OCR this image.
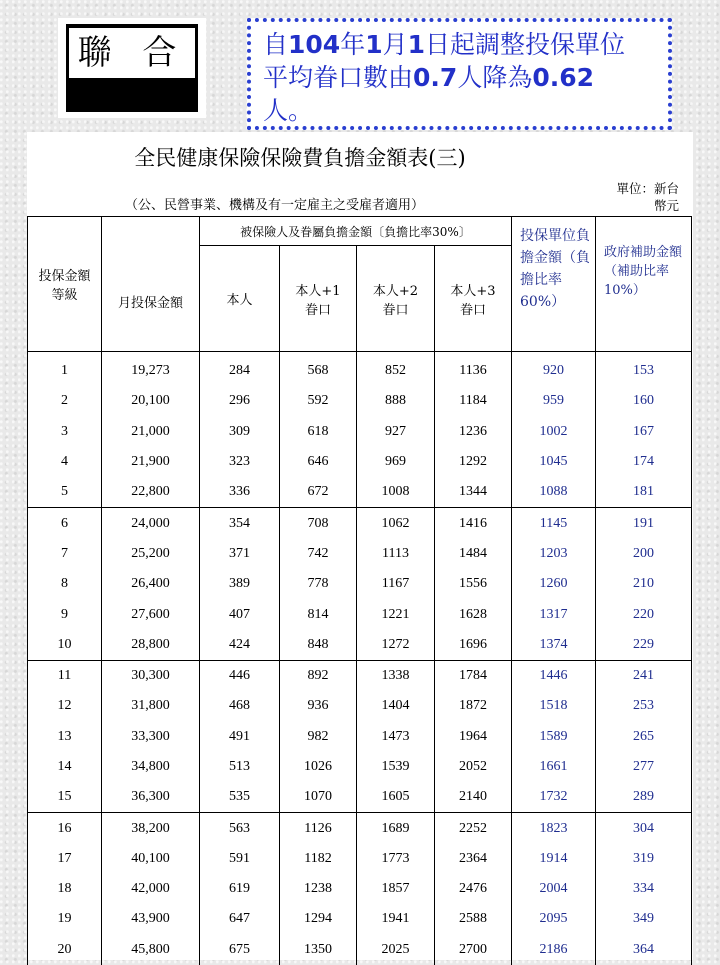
聯 合	自104年1月1日起調整投保單位
平均眷口數由0.7人降為0.62
人。
全民健康保險保險費負擔金額表(三)
（公、民營事業、機構及有一定雇主之受雇者適用）
單位：新台
幣元
投保金額等級	月投保金額	被保險人及眷屬負擔金額〔負擔比率30%〕				投保單位負擔金額（負擔比率60%）	政府補助金額（補助比率10%）
		本人	本人+1眷口	本人+2眷口	本人+3眷口		
1	19,273	284	568	852	1136	920	153
2	20,100	296	592	888	1184	959	160
3	21,000	309	618	927	1236	1002	167
4	21,900	323	646	969	1292	1045	174
5	22,800	336	672	1008	1344	1088	181
6	24,000	354	708	1062	1416	1145	191
7	25,200	371	742	1113	1484	1203	200
8	26,400	389	778	1167	1556	1260	210
9	27,600	407	814	1221	1628	1317	220
10	28,800	424	848	1272	1696	1374	229
11	30,300	446	892	1338	1784	1446	241
12	31,800	468	936	1404	1872	1518	253
13	33,300	491	982	1473	1964	1589	265
14	34,800	513	1026	1539	2052	1661	277
15	36,300	535	1070	1605	2140	1732	289
16	38,200	563	1126	1689	2252	1823	304
17	40,100	591	1182	1773	2364	1914	319
18	42,000	619	1238	1857	2476	2004	334
19	43,900	647	1294	1941	2588	2095	349
20	45,800	675	1350	2025	2700	2186	364
